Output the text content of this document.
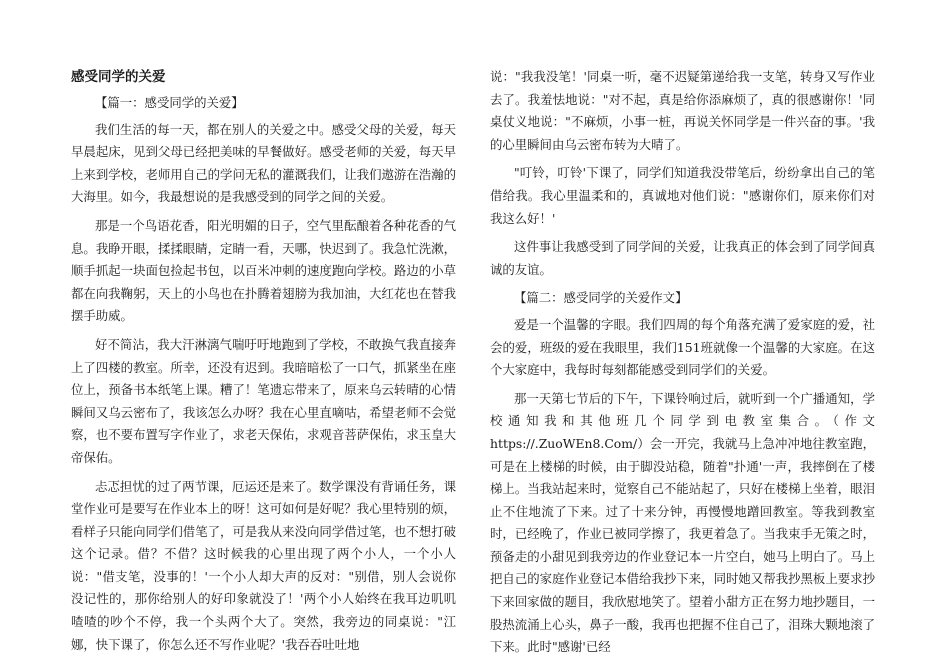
感受同学的关爱
【篇一：感受同学的关爱】

我们生活的每一天，都在别人的关爱之中。感受父母的关爱，每天早晨起床，见到父母已经把美味的早餐做好。感受老师的关爱，每天早上来到学校，老师用自己的学问无私的灌溉我们，让我们遨游在浩瀚的大海里。如今，我最想说的是我感受到的同学之间的关爱。

那是一个鸟语花香，阳光明媚的日子，空气里酝酿着各种花香的气息。我睁开眼，揉揉眼睛，定睛一看，天哪，快迟到了。我急忙洗漱，顺手抓起一块面包捡起书包，以百米冲刺的速度跑向学校。路边的小草都在向我鞠躬，天上的小鸟也在扑腾着翅膀为我加油，大红花也在替我摆手助威。

好不简沾，我大汗淋漓气喘吁吁地跑到了学校，不敢换气我直接奔上了四楼的教室。所幸，还没有迟到。我暗暗松了一口气，抓紧坐在座位上，预备书本纸笔上课。糟了！笔遗忘带来了，原来乌云转晴的心情瞬间又乌云密布了，我该怎么办呀？我在心里直嘀咕，希望老师不会觉察，也不要布置写字作业了，求老天保佑，求观音菩萨保佑，求玉皇大帝保佑。

忐忑担忧的过了两节课，厄运还是来了。数学课没有背诵任务，课堂作业可是要写在作业本上的呀！这可如何是好呢？我心里特别的烦，看样子只能向同学们借笔了，可是我从来没向同学借过笔，也不想打破这个记录。借？不借？这时候我的心里出现了两个小人，一个小人说："借支笔，没事的！'一个小人却大声的反对："别借，别人会说你没记性的，那你给别人的好印象就没了！'两个小人始终在我耳边叽叽喳喳的吵个不停，我一个头两个大了。突然，我旁边的同桌说："江娜，快下课了，你怎么还不写作业呢？'我吞吞吐吐地

说："我我没笔！'同桌一听，毫不迟疑第递给我一支笔，转身又写作业去了。我羞怯地说："对不起，真是给你添麻烦了，真的很感谢你！'同桌仗义地说："不麻烦，小事一桩，再说关怀同学是一件兴奋的事。'我的心里瞬间由乌云密布转为大晴了。

"叮铃，叮铃'下课了，同学们知道我没带笔后，纷纷拿出自己的笔借给我。我心里温柔和的，真诚地对他们说："感谢你们，原来你们对我这么好！'

这件事让我感受到了同学间的关爱，让我真正的体会到了同学间真诚的友谊。

【篇二：感受同学的关爱作文】

爱是一个温馨的字眼。我们四周的每个角落充满了爱家庭的爱，社会的爱，班级的爱在我眼里，我们151班就像一个温馨的大家庭。在这个大家庭中，我每时每刻都能感受到同学们的关爱。

那一天第七节后的下午，下课铃响过后，就听到一个广播通知，学校通知我和其他班几个同学到电教室集合。（作文https://.ZuoWEn8.Com/）会一开完，我就马上急冲冲地往教室跑，可是在上楼梯的时候，由于脚没站稳，随着"扑通'一声，我摔倒在了楼梯上。当我站起来时，觉察自己不能站起了，只好在楼梯上坐着，眼泪止不住地流了下来。过了十来分钟，再慢慢地蹭回教室。等我到教室时，已经晚了，作业已被同学擦了，我更着急了。当我束手无策之时，预备走的小甜见到我旁边的作业登记本一片空白，她马上明白了。马上把自己的家庭作业登记本借给我抄下来，同时她又帮我抄黑板上要求抄下来回家做的题目，我欣慰地笑了。望着小甜方正在努力地抄题目，一股热流涌上心头，鼻子一酸，我再也把握不住自己了，泪珠大颗地滚了下来。此时"感谢'已经
